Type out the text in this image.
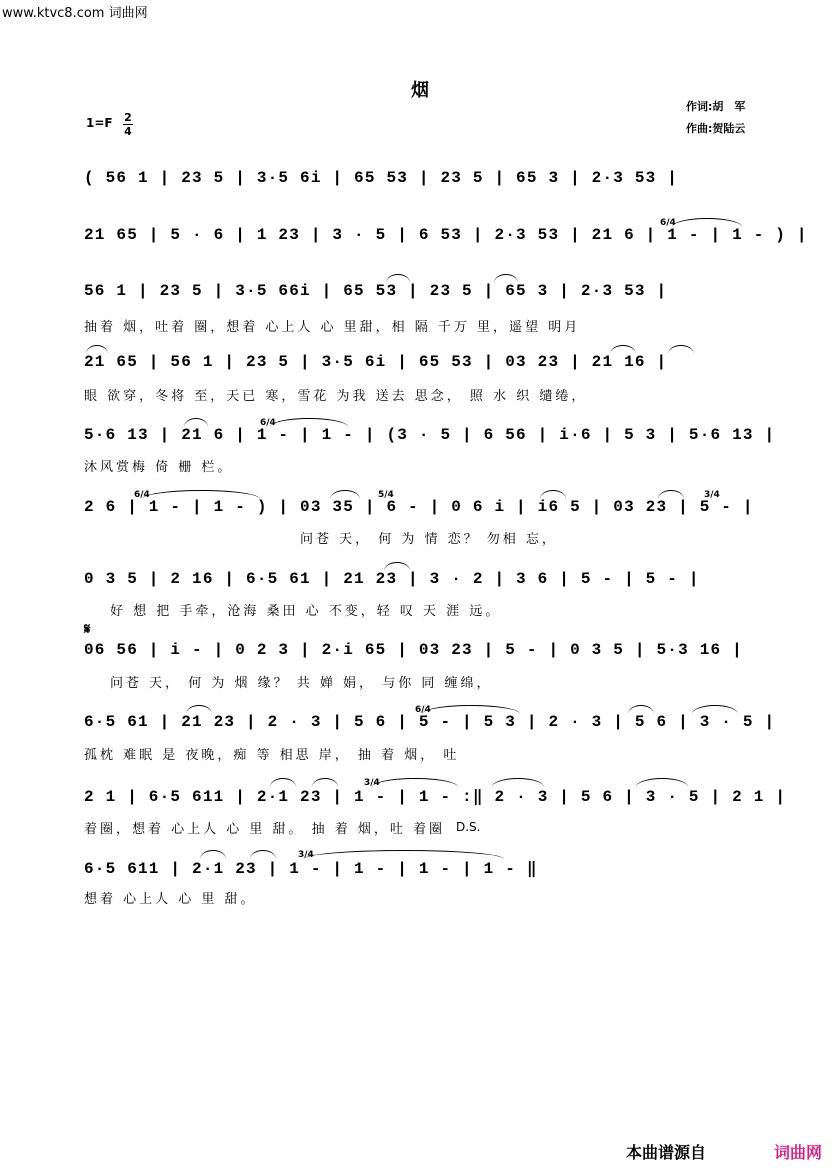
www.ktvc8.com 词曲网
烟
作词:胡　军
作曲:贺陆云
1=F 2
4
( 56 1 | 23 5 | 3·5 6i | 65 53 | 23 5 | 65 3 | 2·3 53 |
21 65 | 5 · 6 | 1 23 | 3 · 5 | 6 53 | 2·3 53 | 21 6 | 1 - | 1 - ) |
56 1 | 23 5 | 3·5 66i | 65 53 | 23 5 | 65 3 | 2·3 53 |
抽着 烟，吐着 圈，想着 心上人 心 里甜，相 隔 千万 里，遥望 明月
21 65 | 56 1 | 23 5 | 3·5 6i | 65 53 | 03 23 | 21 16 |
眼 欲穿，冬将 至，天已 寒，雪花 为我 送去 思念， 照 水 织 缱绻，
5·6 13 | 21 6 | 1 - | 1 - | (3 · 5 | 6 56 | i·6 | 5 3 | 5·6 13 |
沐风赏梅 倚 栅 栏。
2 6 | 1 - | 1 - ) | 03 35 | 6 - | 0 6 i | i6 5 | 03 23 | 5 - |
问苍 天， 何 为 情 恋？ 勿相 忘，
0 3 5 | 2 16 | 6·5 61 | 21 23 | 3 · 2 | 3 6 | 5 - | 5 - |
好 想 把 手牵，沧海 桑田 心 不变，轻 叹 天 涯 远。
𝄋
06 56 | i - | 0 2 3 | 2·i 65 | 03 23 | 5 - | 0 3 5 | 5·3 16 |
问苍 天， 何 为 烟 缘？ 共 婵 娟， 与你 同 缠绵，
6·5 61 | 21 23 | 2 · 3 | 5 6 | 5 - | 5 3 | 2 · 3 | 5 6 | 3 · 5 |
孤枕 难眠 是 夜晚，痴 等 相思 岸， 抽 着 烟， 吐
2 1 | 6·5 611 | 2·1 23 | 1 - | 1 - :‖ 2 · 3 | 5 6 | 3 · 5 | 2 1 |
着圈，想着 心上人 心 里 甜。 抽 着 烟，吐 着圈 D.S.
6·5 611 | 2·1 23 | 1 - | 1 - | 1 - | 1 - ‖
想着 心上人 心 里 甜。
6/4
6/4
6/4	5/4	3/4
6/4
3/4
3/4
本曲谱源自	词曲网
